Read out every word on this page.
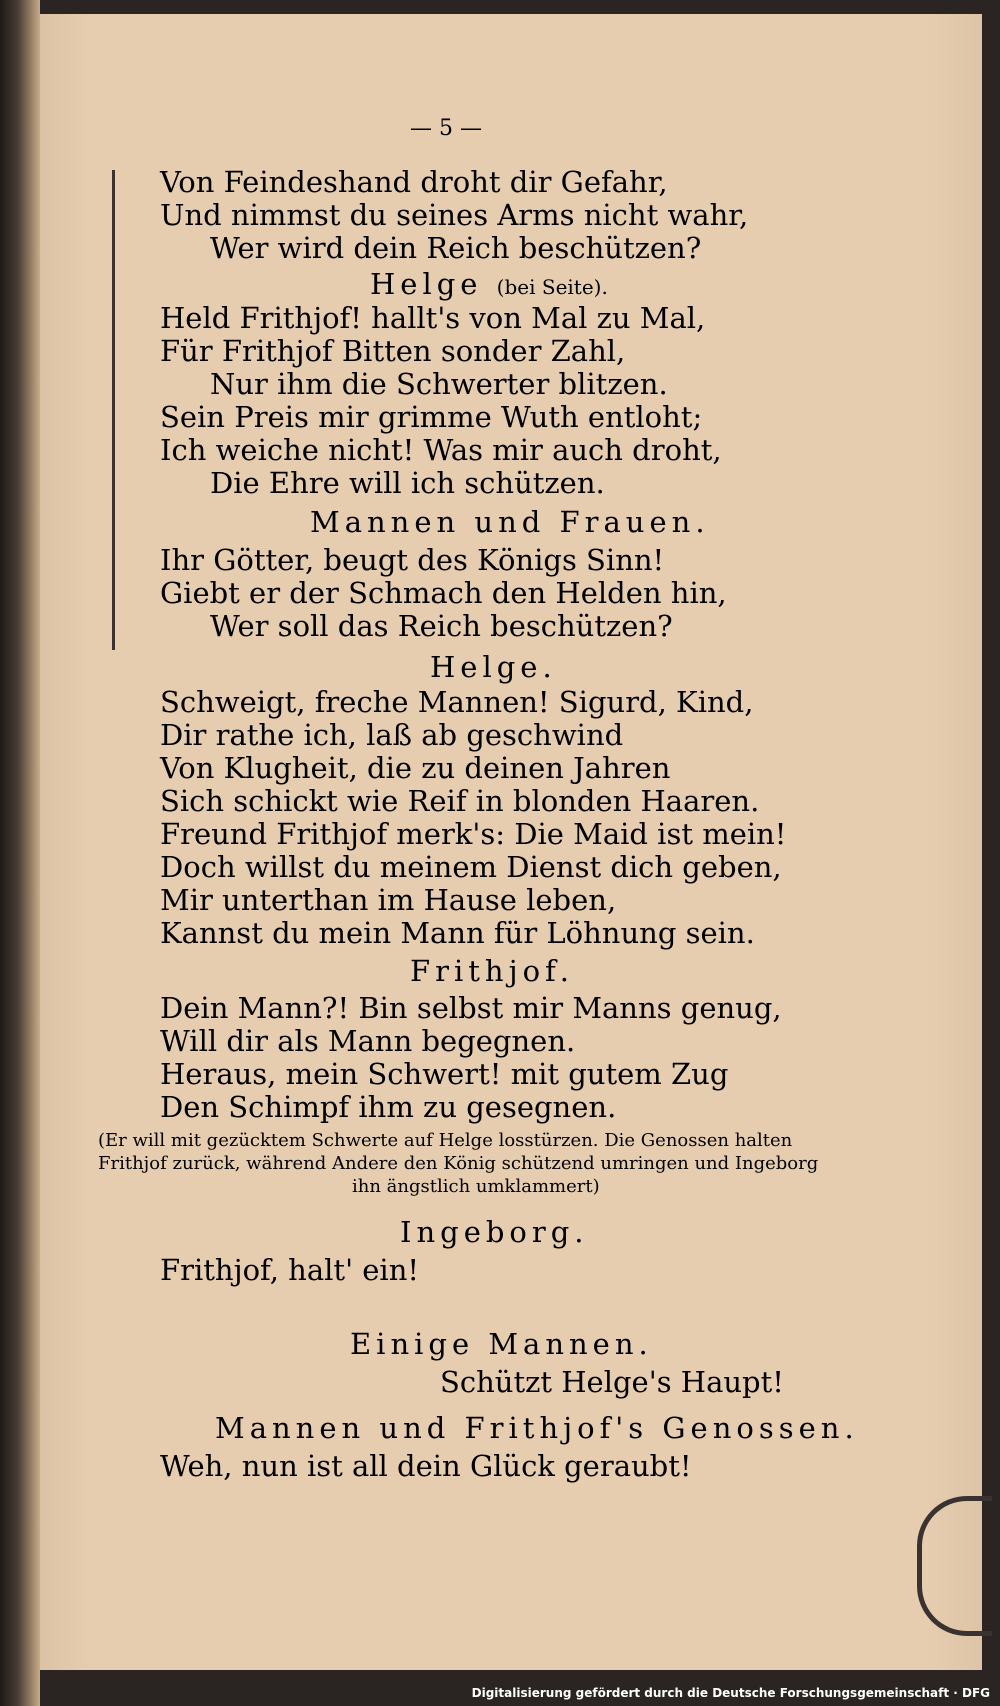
— 5 —
Von Feindeshand droht dir Gefahr,
Und nimmst du seines Arms nicht wahr,
Wer wird dein Reich beschützen?
Helge (bei Seite).
Held Frithjof! hallt's von Mal zu Mal,
Für Frithjof Bitten sonder Zahl,
Nur ihm die Schwerter blitzen.
Sein Preis mir grimme Wuth entloht;
Ich weiche nicht! Was mir auch droht,
Die Ehre will ich schützen.
Mannen und Frauen.
Ihr Götter, beugt des Königs Sinn!
Giebt er der Schmach den Helden hin,
Wer soll das Reich beschützen?
Helge.
Schweigt, freche Mannen! Sigurd, Kind,
Dir rathe ich, laß ab geschwind
Von Klugheit, die zu deinen Jahren
Sich schickt wie Reif in blonden Haaren.
Freund Frithjof merk's: Die Maid ist mein!
Doch willst du meinem Dienst dich geben,
Mir unterthan im Hause leben,
Kannst du mein Mann für Löhnung sein.
Frithjof.
Dein Mann?! Bin selbst mir Manns genug,
Will dir als Mann begegnen.
Heraus, mein Schwert! mit gutem Zug
Den Schimpf ihm zu gesegnen.
(Er will mit gezücktem Schwerte auf Helge losstürzen. Die Genossen halten
Frithjof zurück, während Andere den König schützend umringen und Ingeborg
ihn ängstlich umklammert)
Ingeborg.
Frithjof, halt' ein!
Einige Mannen.
Schützt Helge's Haupt!
Mannen und Frithjof's Genossen.
Weh, nun ist all dein Glück geraubt!
Digitalisierung gefördert durch die Deutsche Forschungsgemeinschaft · DFG
